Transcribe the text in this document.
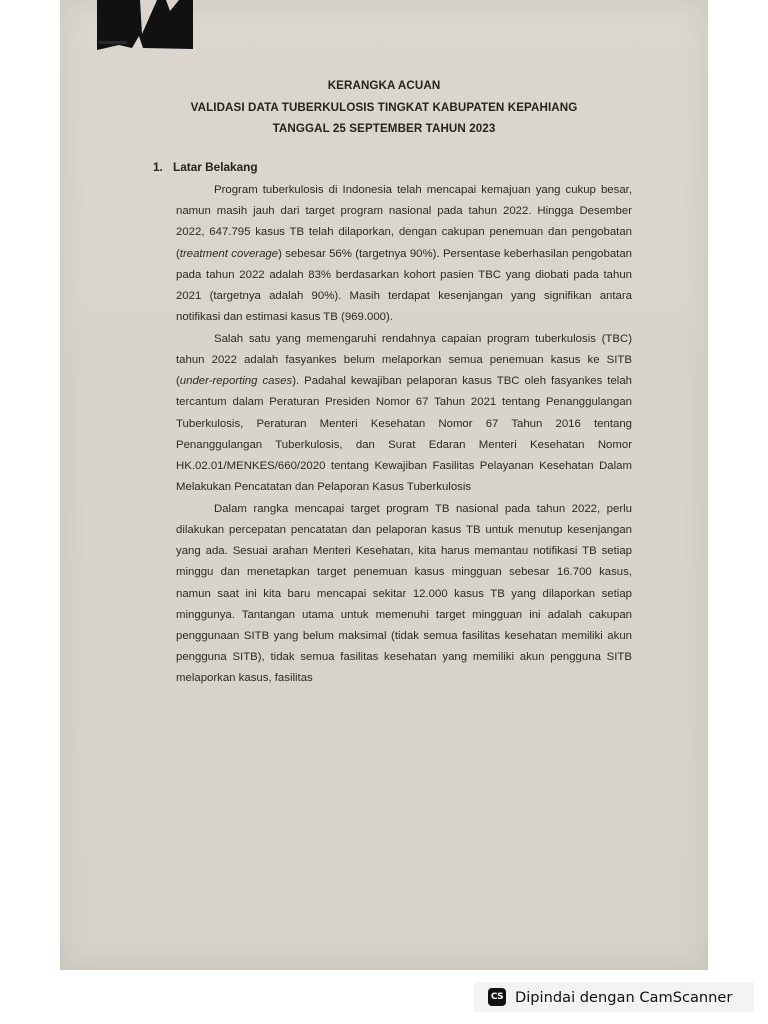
KERANGKA ACUAN
VALIDASI DATA TUBERKULOSIS TINGKAT KABUPATEN KEPAHIANG
TANGGAL 25 SEPTEMBER TAHUN 2023
1. Latar Belakang

Program tuberkulosis di Indonesia telah mencapai kemajuan yang cukup besar, namun masih jauh dari target program nasional pada tahun 2022. Hingga Desember 2022, 647.795 kasus TB telah dilaporkan, dengan cakupan penemuan dan pengobatan (treatment coverage) sebesar 56% (targetnya 90%). Persentase keberhasilan pengobatan pada tahun 2022 adalah 83% berdasarkan kohort pasien TBC yang diobati pada tahun 2021 (targetnya adalah 90%). Masih terdapat kesenjangan yang signifikan antara notifikasi dan estimasi kasus TB (969.000).

Salah satu yang memengaruhi rendahnya capaian program tuberkulosis (TBC) tahun 2022 adalah fasyankes belum melaporkan semua penemuan kasus ke SITB (under-reporting cases). Padahal kewajiban pelaporan kasus TBC oleh fasyankes telah tercantum dalam Peraturan Presiden Nomor 67 Tahun 2021 tentang Penanggulangan Tuberkulosis, Peraturan Menteri Kesehatan Nomor 67 Tahun 2016 tentang Penanggulangan Tuberkulosis, dan Surat Edaran Menteri Kesehatan Nomor HK.02.01/MENKES/660/2020 tentang Kewajiban Fasilitas Pelayanan Kesehatan Dalam Melakukan Pencatatan dan Pelaporan Kasus Tuberkulosis

Dalam rangka mencapai target program TB nasional pada tahun 2022, perlu dilakukan percepatan pencatatan dan pelaporan kasus TB untuk menutup kesenjangan yang ada. Sesuai arahan Menteri Kesehatan, kita harus memantau notifikasi TB setiap minggu dan menetapkan target penemuan kasus mingguan sebesar 16.700 kasus, namun saat ini kita baru mencapai sekitar 12.000 kasus TB yang dilaporkan setiap minggunya. Tantangan utama untuk memenuhi target mingguan ini adalah cakupan penggunaan SITB yang belum maksimal (tidak semua fasilitas kesehatan memiliki akun pengguna SITB), tidak semua fasilitas kesehatan yang memiliki akun pengguna SITB melaporkan kasus, fasilitas

CS Dipindai dengan CamScanner
